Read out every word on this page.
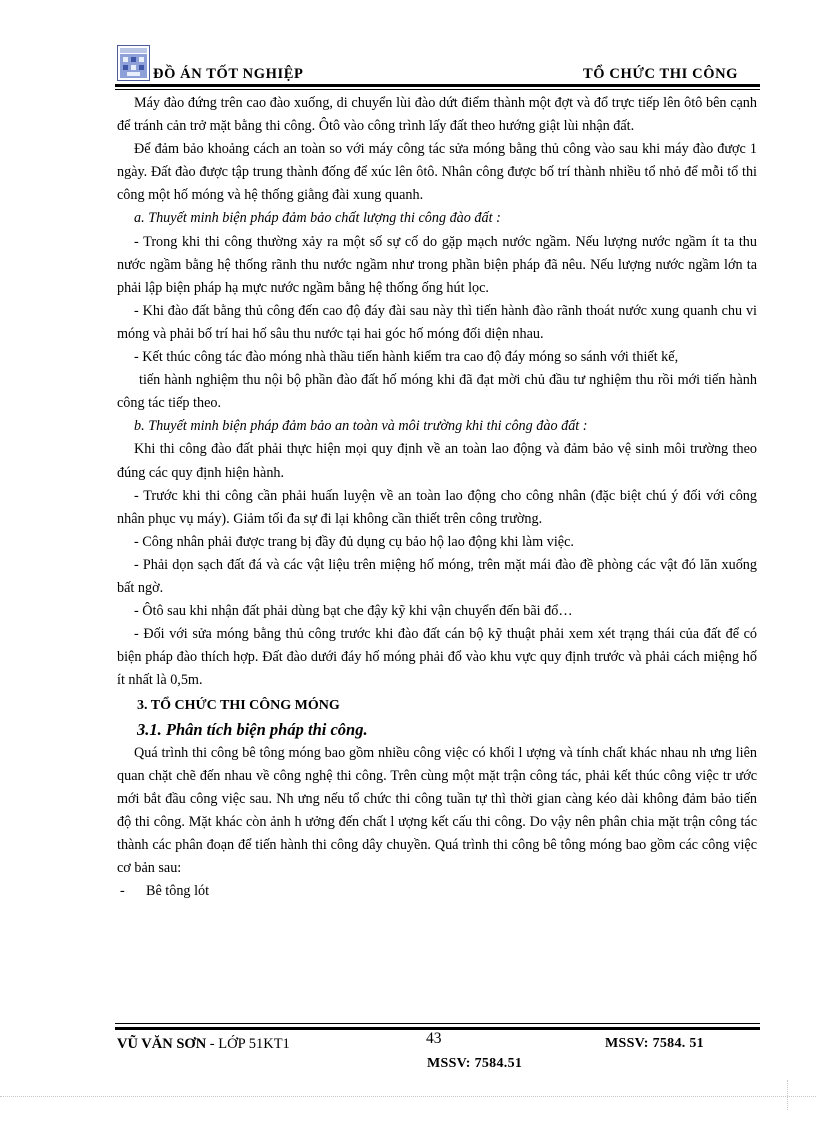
ĐỒ ÁN TỐT NGHIỆP	TỔ CHỨC THI CÔNG

Máy đào đứng trên cao đào xuống, di chuyển lùi đào dứt điểm thành một đợt và đổ trực tiếp lên ôtô bên cạnh để tránh cản trở mặt bằng thi công. Ôtô vào công trình lấy đất theo hướng giật lùi nhận đất.

Để đảm bảo khoảng cách an toàn so với máy công tác sửa móng bằng thủ công vào sau khi máy đào được 1 ngày. Đất đào được tập trung thành đống để xúc lên ôtô. Nhân công được bố trí thành nhiều tổ nhỏ để mỗi tổ thi công một hố móng và hệ thống giằng đài xung quanh.

a. Thuyết minh biện pháp đảm bảo chất lượng thi công đào đất :

- Trong khi thi công thường xảy ra một số sự cố do gặp mạch nước ngầm. Nếu lượng nước ngầm ít ta thu nước ngầm bằng hệ thống rãnh thu nước ngầm như trong phần biện pháp đã nêu. Nếu lượng nước ngầm lớn ta phải lập biện pháp hạ mực nước ngầm bằng hệ thống ống hút lọc.

- Khi đào đất bằng thủ công đến cao độ đáy đài sau này thì tiến hành đào rãnh thoát nước xung quanh chu vi móng và phải bố trí hai hố sâu thu nước tại hai góc hố móng đối diện nhau.

- Kết thúc công tác đào móng nhà thầu tiến hành kiểm tra cao độ đáy móng so sánh với thiết kế,

tiến hành nghiệm thu nội bộ phần đào đất hố móng khi đã đạt mời chủ đầu tư nghiệm thu rồi mới tiến hành công tác tiếp theo.

b. Thuyết minh biện pháp đảm bảo an toàn và môi trường khi thi công đào đất :

Khi thi công đào đất phải thực hiện mọi quy định về an toàn lao động và đảm bảo vệ sinh môi trường theo đúng các quy định hiện hành.

- Trước khi thi công cần phải huấn luyện về an toàn lao động cho công nhân (đặc biệt chú ý đối với công nhân phục vụ máy). Giảm tối đa sự đi lại không cần thiết trên công trường.

- Công nhân phải được trang bị đầy đủ dụng cụ bảo hộ lao động khi làm việc.

- Phải dọn sạch đất đá và các vật liệu trên miệng hố móng, trên mặt mái đào đề phòng các vật đó lăn xuống bất ngờ.

- Ôtô sau khi nhận đất phải dùng bạt che đậy kỹ khi vận chuyển đến bãi đổ…

- Đối với sửa móng bằng thủ công trước khi đào đất cán bộ kỹ thuật phải xem xét trạng thái của đất để có biện pháp đào thích hợp. Đất đào dưới đáy hố móng phải đổ vào khu vực quy định trước và phải cách miệng hố ít nhất là 0,5m.

3. TỔ CHỨC THI CÔNG MÓNG

3.1. Phân tích biện pháp thi công.

Quá trình thi công bê tông móng bao gồm nhiều công việc có khối l ượng và tính chất khác nhau nh ưng liên quan chặt chẽ đến nhau về công nghệ thi công. Trên cùng một mặt trận công tác, phải kết thúc công việc tr ước mới bắt đầu công việc sau. Nh ưng nếu tổ chức thi công tuần tự thì thời gian càng kéo dài không đảm bảo tiến độ thi công. Mặt khác còn ảnh h ưởng đến chất l ượng kết cấu thi công. Do vậy nên phân chia mặt trận công tác thành các phân đoạn để tiến hành thi công dây chuyền. Quá trình thi công bê tông móng bao gồm các công việc cơ bản sau:

- Bê tông lót

VŨ VĂN SƠN - LỚP 51KT1	43	MSSV: 7584. 51
MSSV: 7584.51
